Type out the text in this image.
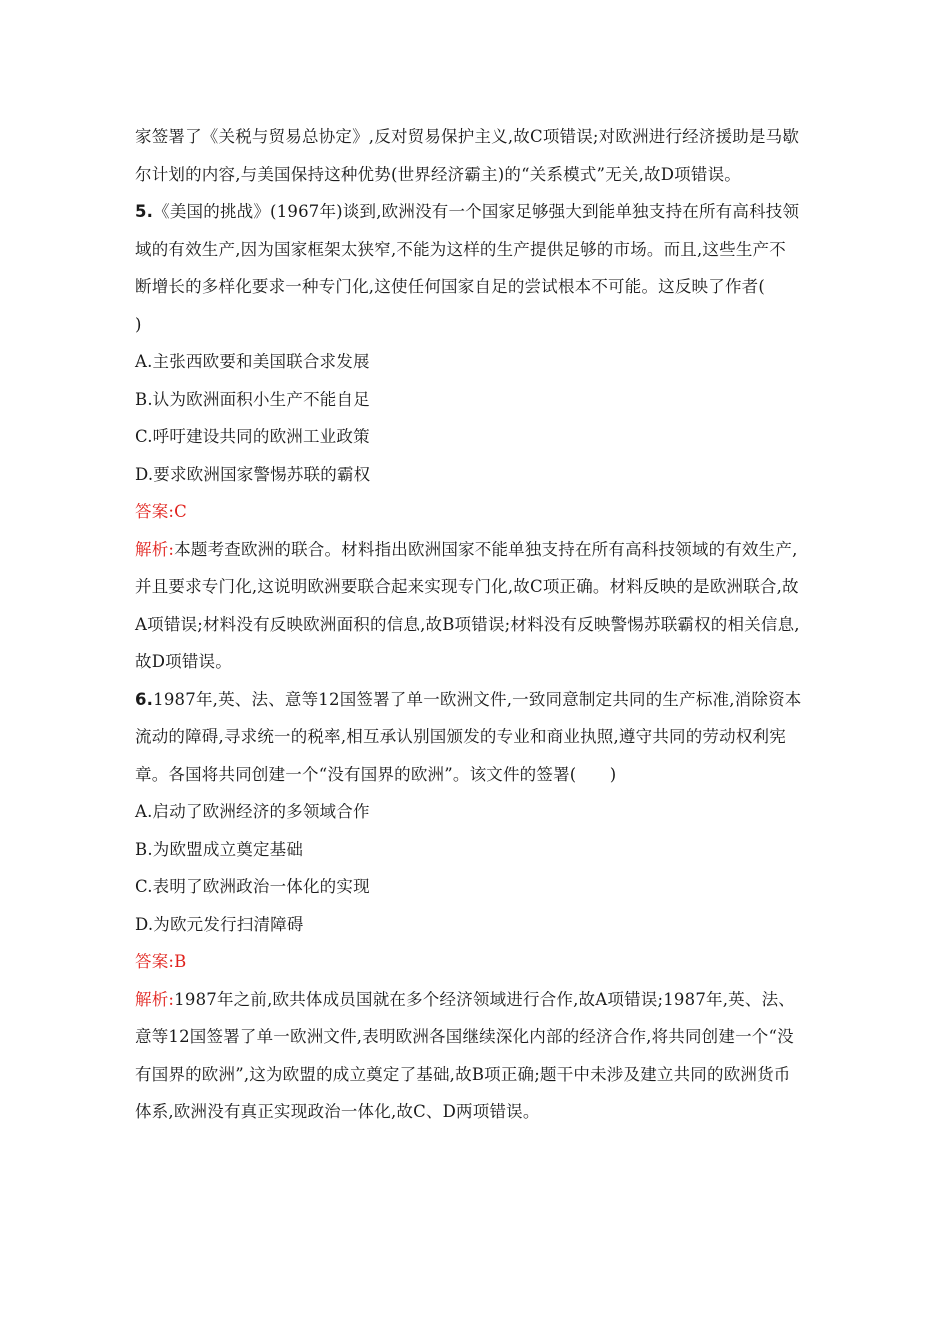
家签署了《关税与贸易总协定》,反对贸易保护主义,故C项错误;对欧洲进行经济援助是马歇
尔计划的内容,与美国保持这种优势(世界经济霸主)的“关系模式”无关,故D项错误。
5.《美国的挑战》(1967年)谈到,欧洲没有一个国家足够强大到能单独支持在所有高科技领
域的有效生产,因为国家框架太狭窄,不能为这样的生产提供足够的市场。而且,这些生产不
断增长的多样化要求一种专门化,这使任何国家自足的尝试根本不可能。这反映了作者(
)
A.主张西欧要和美国联合求发展
B.认为欧洲面积小生产不能自足
C.呼吁建设共同的欧洲工业政策
D.要求欧洲国家警惕苏联的霸权
答案:C
解析:本题考查欧洲的联合。材料指出欧洲国家不能单独支持在所有高科技领域的有效生产,
并且要求专门化,这说明欧洲要联合起来实现专门化,故C项正确。材料反映的是欧洲联合,故
A项错误;材料没有反映欧洲面积的信息,故B项错误;材料没有反映警惕苏联霸权的相关信息,
故D项错误。
6.1987年,英、法、意等12国签署了单一欧洲文件,一致同意制定共同的生产标准,消除资本
流动的障碍,寻求统一的税率,相互承认别国颁发的专业和商业执照,遵守共同的劳动权利宪
章。各国将共同创建一个“没有国界的欧洲”。该文件的签署(　　)
A.启动了欧洲经济的多领域合作
B.为欧盟成立奠定基础
C.表明了欧洲政治一体化的实现
D.为欧元发行扫清障碍
答案:B
解析:1987年之前,欧共体成员国就在多个经济领域进行合作,故A项错误;1987年,英、法、
意等12国签署了单一欧洲文件,表明欧洲各国继续深化内部的经济合作,将共同创建一个“没
有国界的欧洲”,这为欧盟的成立奠定了基础,故B项正确;题干中未涉及建立共同的欧洲货币
体系,欧洲没有真正实现政治一体化,故C、D两项错误。
